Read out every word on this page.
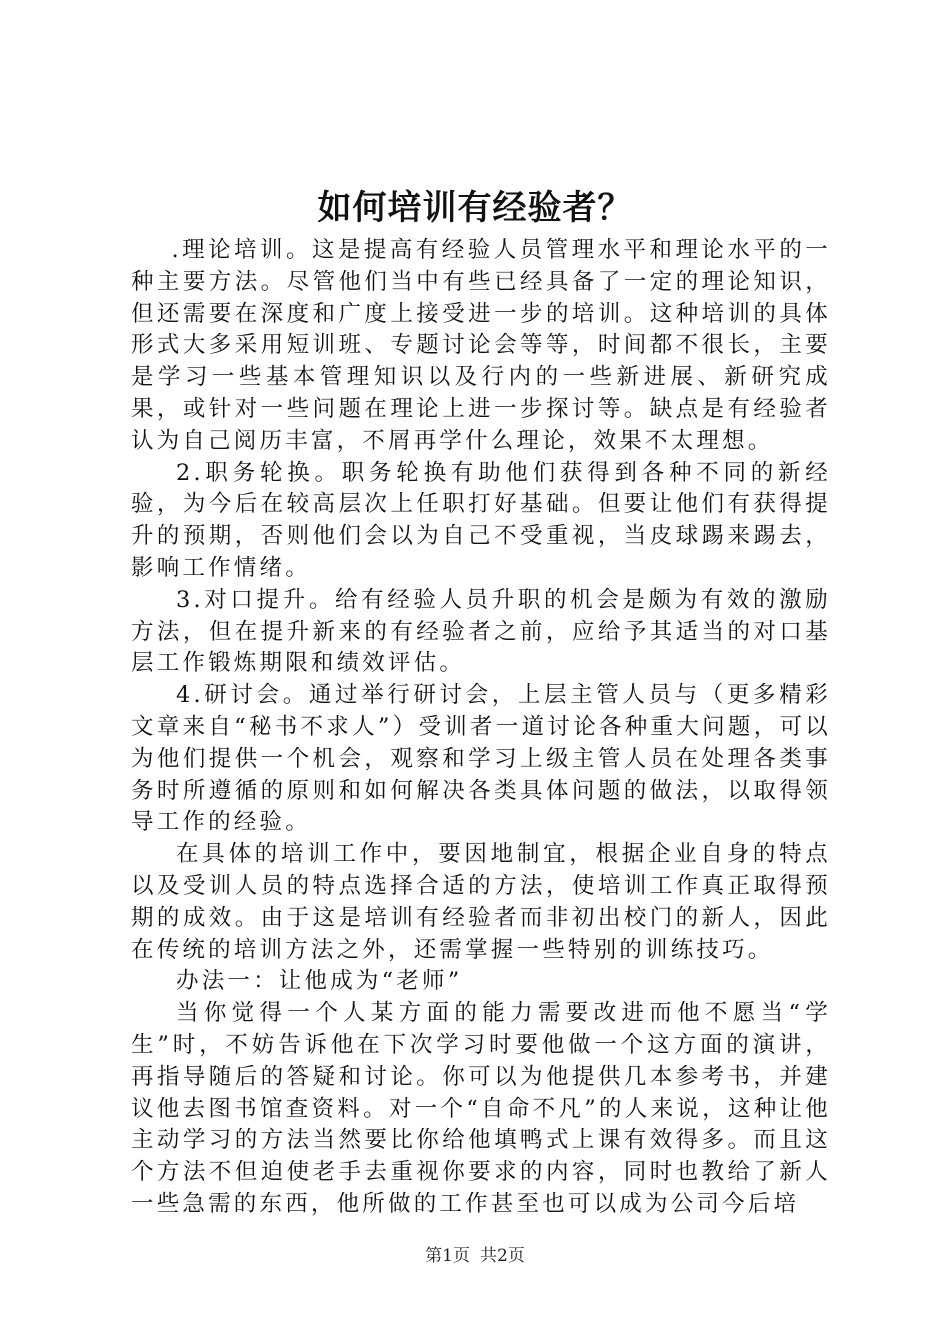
如何培训有经验者？

.理论培训。这是提高有经验人员管理水平和理论水平的一种主要方法。尽管他们当中有些已经具备了一定的理论知识，但还需要在深度和广度上接受进一步的培训。这种培训的具体形式大多采用短训班、专题讨论会等等，时间都不很长，主要是学习一些基本管理知识以及行内的一些新进展、新研究成果，或针对一些问题在理论上进一步探讨等。缺点是有经验者认为自己阅历丰富，不屑再学什么理论，效果不太理想。

2.职务轮换。职务轮换有助他们获得到各种不同的新经验，为今后在较高层次上任职打好基础。但要让他们有获得提升的预期，否则他们会以为自己不受重视，当皮球踢来踢去，影响工作情绪。

3.对口提升。给有经验人员升职的机会是颇为有效的激励方法，但在提升新来的有经验者之前，应给予其适当的对口基层工作锻炼期限和绩效评估。

4.研讨会。通过举行研讨会，上层主管人员与（更多精彩文章来自“秘书不求人”）受训者一道讨论各种重大问题，可以为他们提供一个机会，观察和学习上级主管人员在处理各类事务时所遵循的原则和如何解决各类具体问题的做法，以取得领导工作的经验。

在具体的培训工作中，要因地制宜，根据企业自身的特点以及受训人员的特点选择合适的方法，使培训工作真正取得预期的成效。由于这是培训有经验者而非初出校门的新人，因此在传统的培训方法之外，还需掌握一些特别的训练技巧。

办法一：让他成为“老师”

当你觉得一个人某方面的能力需要改进而他不愿当“学生”时，不妨告诉他在下次学习时要他做一个这方面的演讲，再指导随后的答疑和讨论。你可以为他提供几本参考书，并建议他去图书馆查资料。对一个“自命不凡”的人来说，这种让他主动学习的方法当然要比你给他填鸭式上课有效得多。而且这个方法不但迫使老手去重视你要求的内容，同时也教给了新人一些急需的东西，他所做的工作甚至也可以成为公司今后培

第1页 共2页
